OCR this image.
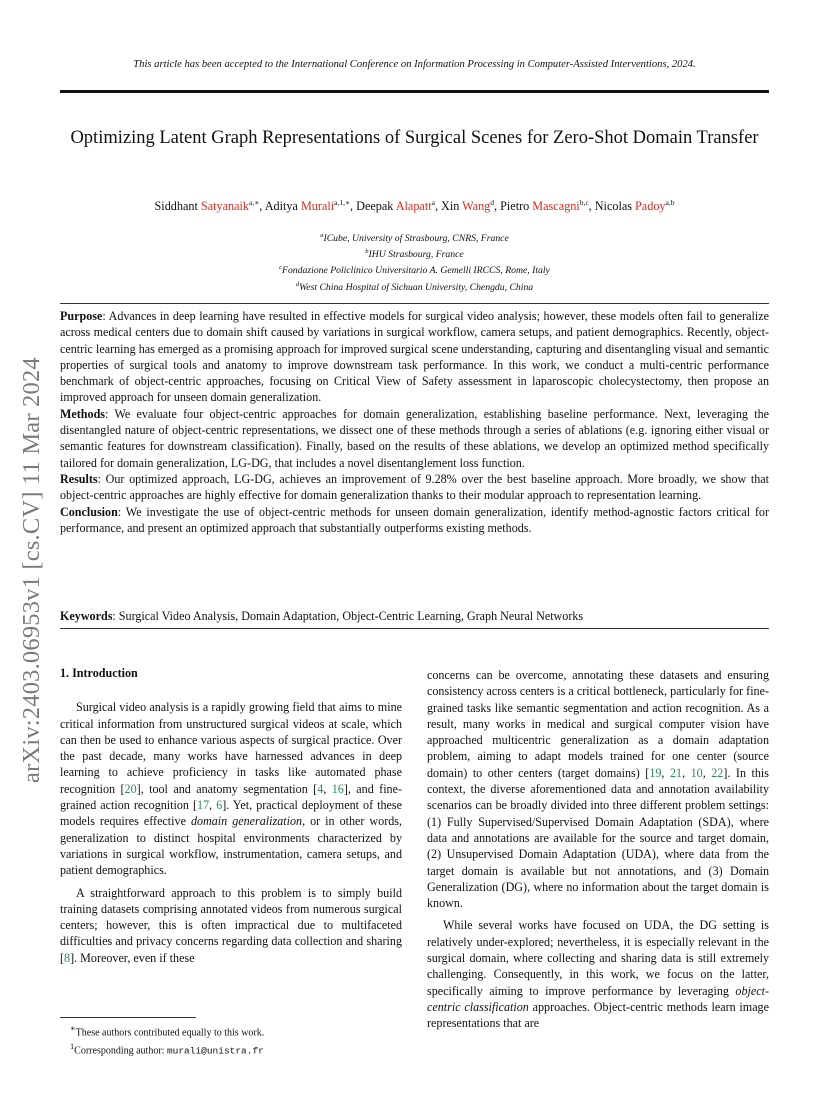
This article has been accepted to the International Conference on Information Processing in Computer-Assisted Interventions, 2024.
arXiv:2403.06953v1 [cs.CV] 11 Mar 2024
Optimizing Latent Graph Representations of Surgical Scenes for Zero-Shot Domain Transfer
Siddhant Satyanaik$^{a,∗}$, Aditya Murali$^{a,1,∗}$, Deepak Alapatt$^a$, Xin Wang$^d$, Pietro Mascagni$^{b,c}$, Nicolas Padoy$^{a,b}$
$^a$ICube, University of Strasbourg, CNRS, France
$^b$IHU Strasbourg, France
$^c$Fondazione Policlinico Universitario A. Gemelli IRCCS, Rome, Italy
$^d$West China Hospital of Sichuan University, Chengdu, China

Purpose: Advances in deep learning have resulted in effective models for surgical video analysis; however, these models often fail to generalize across medical centers due to domain shift caused by variations in surgical workflow, camera setups, and patient demographics. Recently, object-centric learning has emerged as a promising approach for improved surgical scene understanding, capturing and disentangling visual and semantic properties of surgical tools and anatomy to improve downstream task performance. In this work, we conduct a multi-centric performance benchmark of object-centric approaches, focusing on Critical View of Safety assessment in laparoscopic cholecystectomy, then propose an improved approach for unseen domain generalization.

Methods: We evaluate four object-centric approaches for domain generalization, establishing baseline performance. Next, leveraging the disentangled nature of object-centric representations, we dissect one of these methods through a series of ablations (e.g. ignoring either visual or semantic features for downstream classification). Finally, based on the results of these ablations, we develop an optimized method specifically tailored for domain generalization, LG-DG, that includes a novel disentanglement loss function.

Results: Our optimized approach, LG-DG, achieves an improvement of 9.28% over the best baseline approach. More broadly, we show that object-centric approaches are highly effective for domain generalization thanks to their modular approach to representation learning.

Conclusion: We investigate the use of object-centric methods for unseen domain generalization, identify method-agnostic factors critical for performance, and present an optimized approach that substantially outperforms existing methods.

Keywords: Surgical Video Analysis, Domain Adaptation, Object-Centric Learning, Graph Neural Networks
1. Introduction

Surgical video analysis is a rapidly growing field that aims to mine critical information from unstructured surgical videos at scale, which can then be used to enhance various aspects of surgical practice. Over the past decade, many works have harnessed advances in deep learning to achieve proficiency in tasks like automated phase recognition [20], tool and anatomy segmentation [4, 16], and fine-grained action recognition [17, 6]. Yet, practical deployment of these models requires effective domain generalization, or in other words, generalization to distinct hospital environments characterized by variations in surgical workflow, instrumentation, camera setups, and patient demographics.

A straightforward approach to this problem is to simply build training datasets comprising annotated videos from numerous surgical centers; however, this is often impractical due to multifaceted difficulties and privacy concerns regarding data collection and sharing [8]. Moreover, even if these

concerns can be overcome, annotating these datasets and ensuring consistency across centers is a critical bottleneck, particularly for fine-grained tasks like semantic segmentation and action recognition. As a result, many works in medical and surgical computer vision have approached multicentric generalization as a domain adaptation problem, aiming to adapt models trained for one center (source domain) to other centers (target domains) [19, 21, 10, 22]. In this context, the diverse aforementioned data and annotation availability scenarios can be broadly divided into three different problem settings: (1) Fully Supervised/Supervised Domain Adaptation (SDA), where data and annotations are available for the source and target domain, (2) Unsupervised Domain Adaptation (UDA), where data from the target domain is available but not annotations, and (3) Domain Generalization (DG), where no information about the target domain is known.

While several works have focused on UDA, the DG setting is relatively under-explored; nevertheless, it is especially relevant in the surgical domain, where collecting and sharing data is still extremely challenging. Consequently, in this work, we focus on the latter, specifically aiming to improve performance by leveraging object-centric classification approaches. Object-centric methods learn image representations that are

∗These authors contributed equally to this work.
$^1$Corresponding author: murali@unistra.fr
